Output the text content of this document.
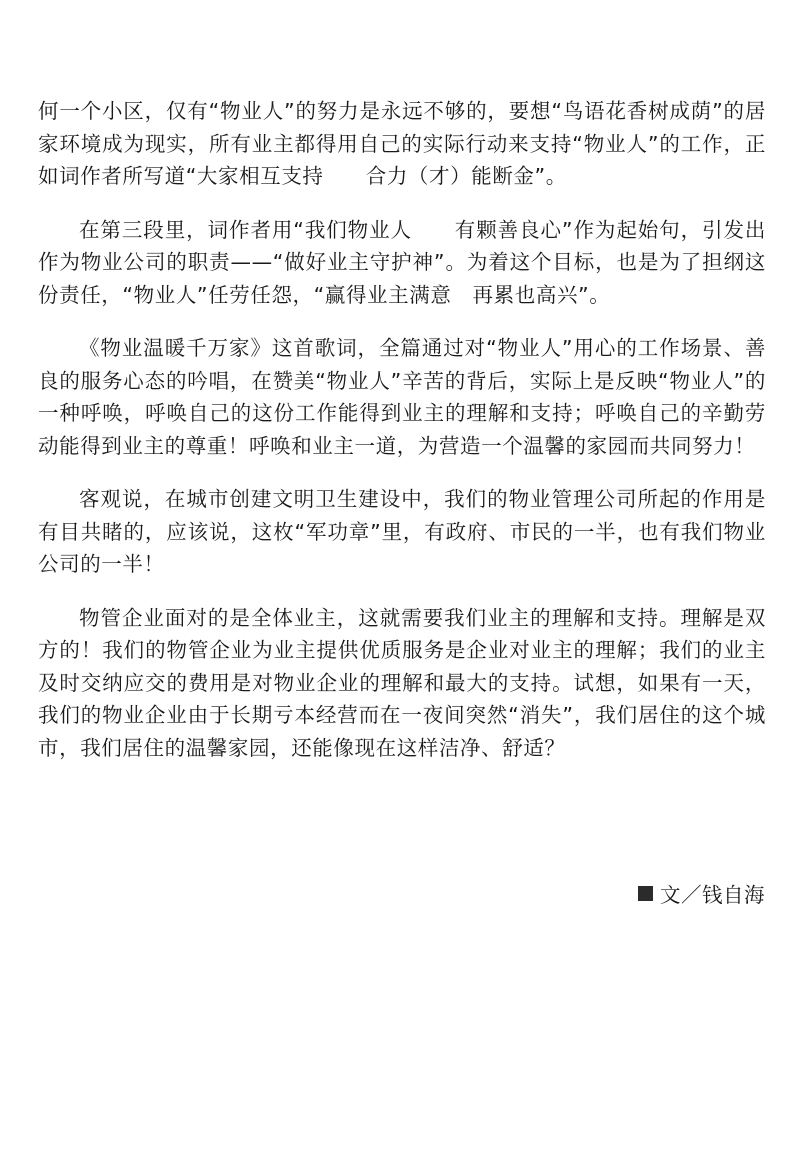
何一个小区，仅有“物业人”的努力是永远不够的，要想“鸟语花香树成荫”的居家环境成为现实，所有业主都得用自己的实际行动来支持“物业人”的工作，正如词作者所写道“大家相互支持　　合力（才）能断金”。

在第三段里，词作者用“我们物业人　　有颗善良心”作为起始句，引发出作为物业公司的职责——“做好业主守护神”。为着这个目标，也是为了担纲这份责任，“物业人”任劳任怨，“赢得业主满意　再累也高兴”。

《物业温暖千万家》这首歌词，全篇通过对“物业人”用心的工作场景、善良的服务心态的吟唱，在赞美“物业人”辛苦的背后，实际上是反映“物业人”的一种呼唤，呼唤自己的这份工作能得到业主的理解和支持；呼唤自己的辛勤劳动能得到业主的尊重！呼唤和业主一道，为营造一个温馨的家园而共同努力！

客观说，在城市创建文明卫生建设中，我们的物业管理公司所起的作用是有目共睹的，应该说，这枚“军功章”里，有政府、市民的一半，也有我们物业公司的一半！

物管企业面对的是全体业主，这就需要我们业主的理解和支持。理解是双方的！我们的物管企业为业主提供优质服务是企业对业主的理解；我们的业主及时交纳应交的费用是对物业企业的理解和最大的支持。试想，如果有一天，我们的物业企业由于长期亏本经营而在一夜间突然“消失”，我们居住的这个城市，我们居住的温馨家园，还能像现在这样洁净、舒适？

文／钱自海
